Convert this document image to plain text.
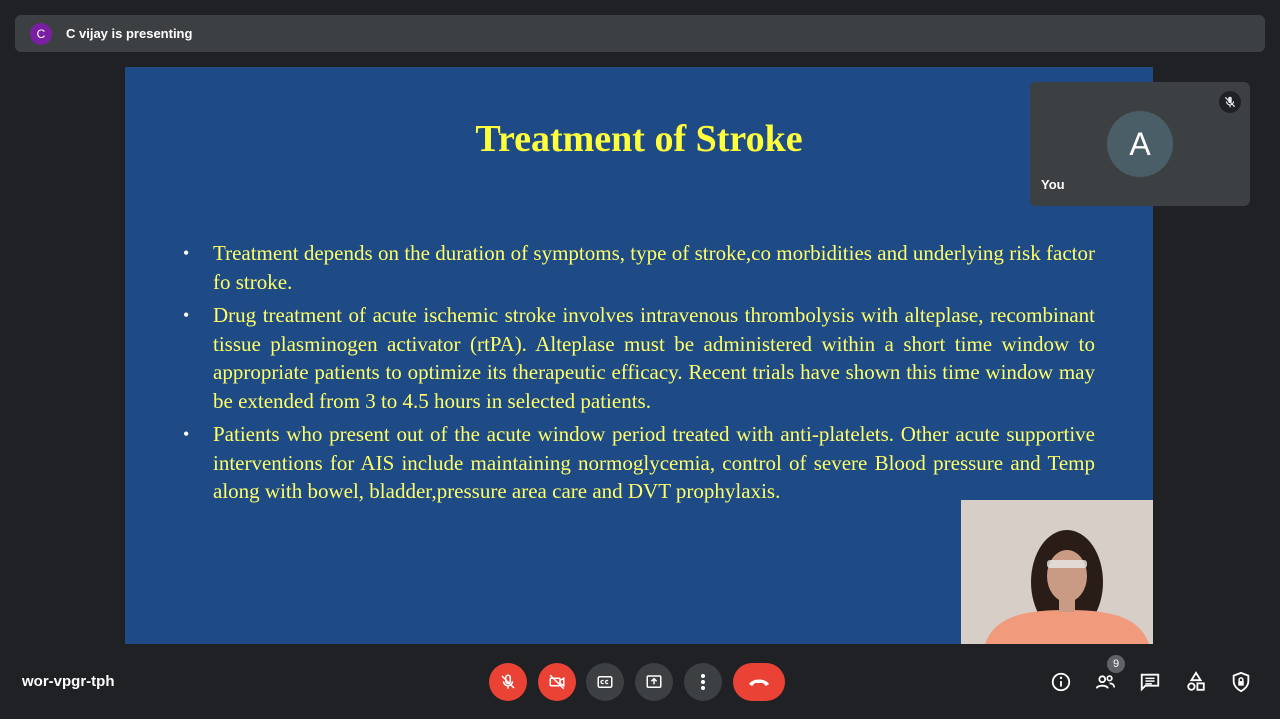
C	C vijay is presenting
Treatment of Stroke
• Treatment depends on the duration of symptoms, type of stroke,co morbidities and underlying risk factor fo stroke.
• Drug treatment of acute ischemic stroke involves intravenous thrombolysis with alteplase, recombinant tissue plasminogen activator (rtPA). Alteplase must be administered within a short time window to appropriate patients to optimize its therapeutic efficacy. Recent trials have shown this time window may be extended from 3 to 4.5 hours in selected patients.
• Patients who present out of the acute window period treated with anti-platelets. Other acute supportive interventions for AIS include maintaining normoglycemia, control of severe Blood pressure and Temp along with bowel, bladder,pressure area care and DVT prophylaxis.
A
You
wor-vpgr-tph
9
